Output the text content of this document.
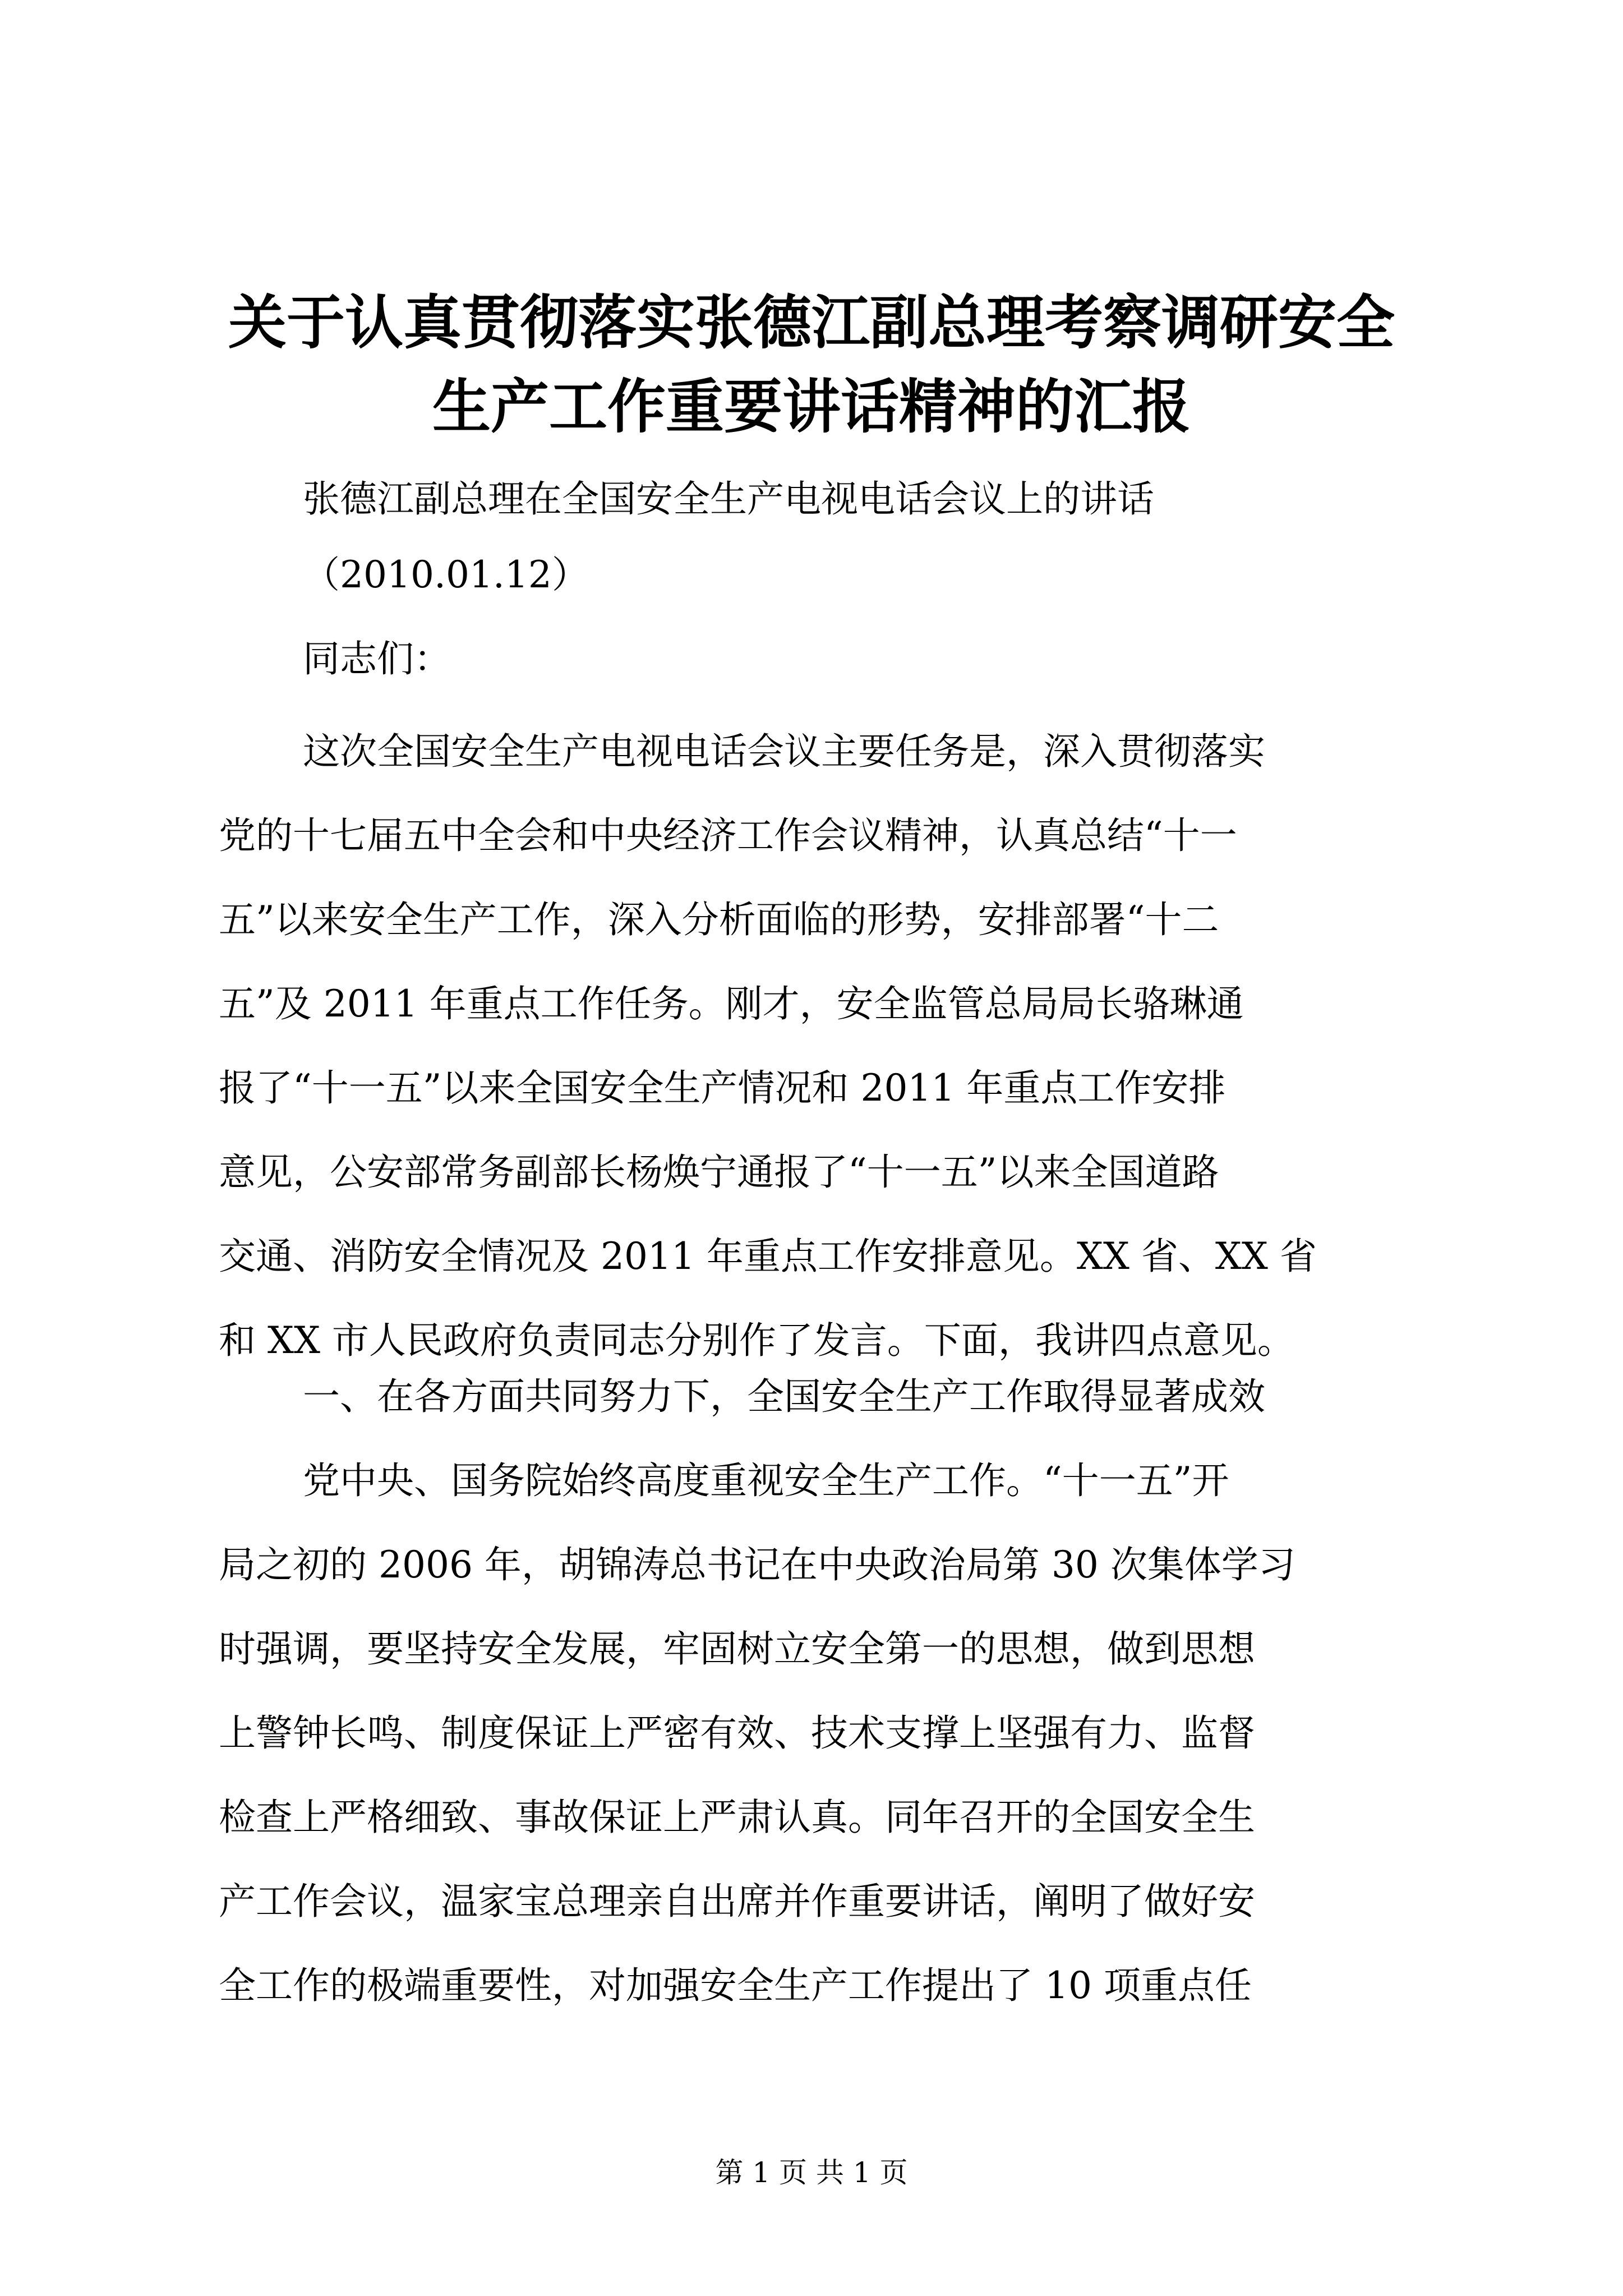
关于认真贯彻落实张德江副总理考察调研安全
生产工作重要讲话精神的汇报
张德江副总理在全国安全生产电视电话会议上的讲话
（2010.01.12）
同志们：
这次全国安全生产电视电话会议主要任务是，深入贯彻落实
党的十七届五中全会和中央经济工作会议精神，认真总结“十一
五”以来安全生产工作，深入分析面临的形势，安排部署“十二
五”及 2011 年重点工作任务。刚才，安全监管总局局长骆琳通
报了“十一五”以来全国安全生产情况和 2011 年重点工作安排
意见，公安部常务副部长杨焕宁通报了“十一五”以来全国道路
交通、消防安全情况及 2011 年重点工作安排意见。XX 省、XX 省
和 XX 市人民政府负责同志分别作了发言。下面，我讲四点意见。
一、在各方面共同努力下，全国安全生产工作取得显著成效
党中央、国务院始终高度重视安全生产工作。“十一五”开
局之初的 2006 年，胡锦涛总书记在中央政治局第 30 次集体学习
时强调，要坚持安全发展，牢固树立安全第一的思想，做到思想
上警钟长鸣、制度保证上严密有效、技术支撑上坚强有力、监督
检查上严格细致、事故保证上严肃认真。同年召开的全国安全生
产工作会议，温家宝总理亲自出席并作重要讲话，阐明了做好安
全工作的极端重要性，对加强安全生产工作提出了 10 项重点任
第 1 页 共 1 页
